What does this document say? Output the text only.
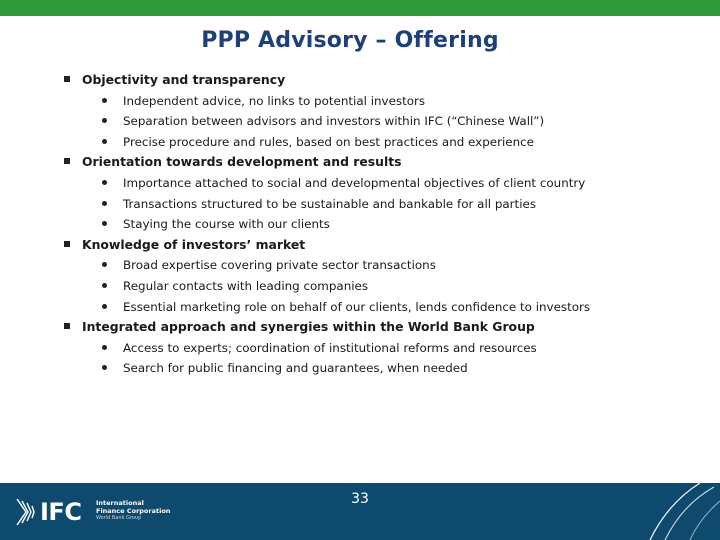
PPP Advisory – Offering
Objectivity and transparency
Independent advice, no links to potential investors
Separation between advisors and investors within IFC (“Chinese Wall”)
Precise procedure and rules, based on best practices and experience
Orientation towards development and results
Importance attached to social and developmental objectives of client country
Transactions structured to be sustainable and bankable for all parties
Staying the course with our clients
Knowledge of investors’ market
Broad expertise covering private sector transactions
Regular contacts with leading companies
Essential marketing role on behalf of our clients, lends confidence to investors
Integrated approach and synergies within the World Bank Group
Access to experts; coordination of institutional reforms and resources
Search for public financing and guarantees, when needed
IFC International
Finance Corporation
World Bank Group
33
